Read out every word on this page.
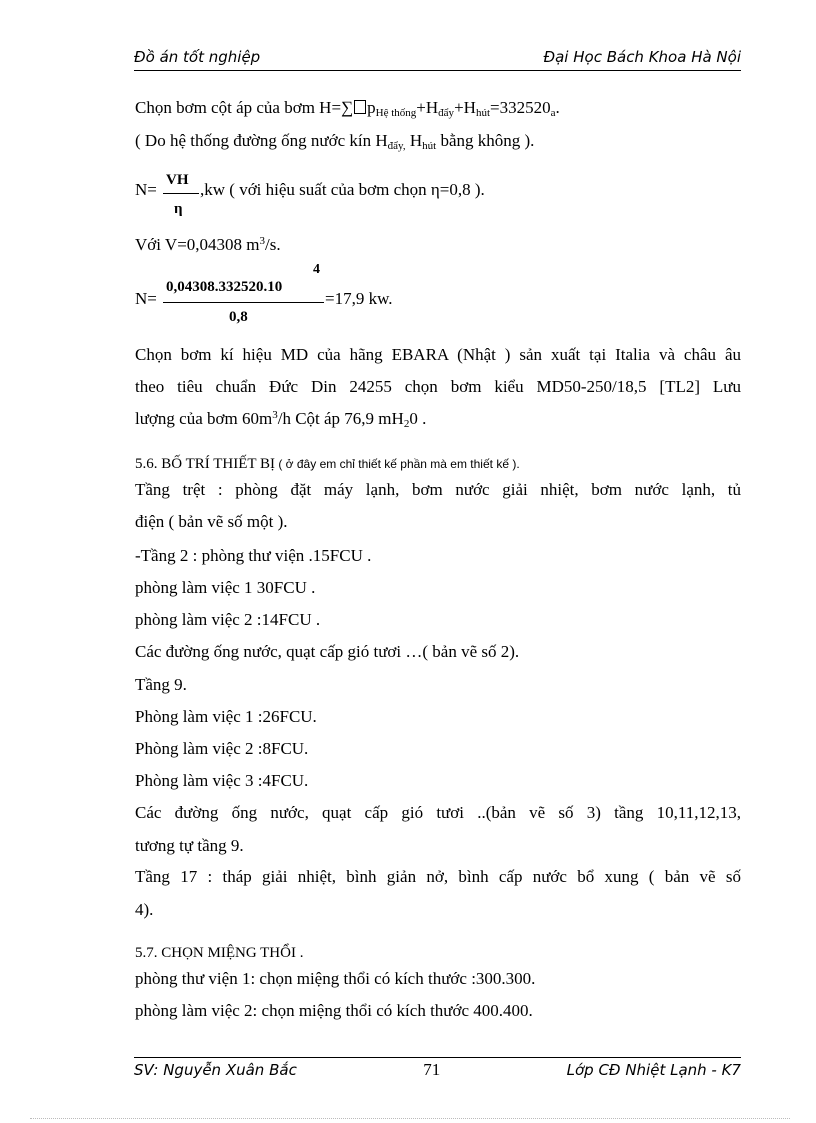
Đồ án tốt nghiệp	Đại Học Bách Khoa Hà Nội
Chọn bơm cột áp của bơm H=∑ $p_{Hệ thống}+H_{đẩy}+H_{hút}=332520_a$.
( Do hệ thống đường ống nước kín $H_{đẩy,}$ $H_{hút}$ bằng không ).
N= VH
η
,kw ( với hiệu suất của bơm chọn η=0,8 ).
Với V=0,04308 $m^3/s$.
N=
0,04308.332520.10
4
0,8
=17,9 kw.
Chọn bơm kí hiệu MD của hãng EBARA (Nhật ) sản xuất tại Italia và châu âu
theo tiêu chuẩn Đức Din 24255 chọn bơm kiểu MD50-250/18,5 [TL2] Lưu
lượng của bơm $60m^3/h$ Cột áp 76,9 $mH_20$ .
5.6. BỐ TRÍ THIẾT BỊ ( ở đây em chỉ thiết kế phần mà em thiết kế ).
Tầng trệt : phòng đặt máy lạnh, bơm nước giải nhiệt, bơm nước lạnh, tủ
điện ( bản vẽ số một ).
-Tầng 2 : phòng thư viện .15FCU .
phòng làm việc 1 30FCU .
phòng làm việc 2 :14FCU .
Các đường ống nước, quạt cấp gió tươi …( bản vẽ số 2).
Tầng 9.
Phòng làm việc 1 :26FCU.
Phòng làm việc 2 :8FCU.
Phòng làm việc 3 :4FCU.
Các đường ống nước, quạt cấp gió tươi ..(bản vẽ số 3) tầng 10,11,12,13,
tương tự tầng 9.
Tầng 17 : tháp giải nhiệt, bình giản nở, bình cấp nước bổ xung ( bản vẽ số
4).
5.7. CHỌN MIỆNG THỔI .
phòng thư viện 1: chọn miệng thổi có kích thước :300.300.
phòng làm việc 2: chọn miệng thổi có kích thước 400.400.
SV: Nguyễn Xuân Bắc	71	Lớp CĐ Nhiệt Lạnh - K7
